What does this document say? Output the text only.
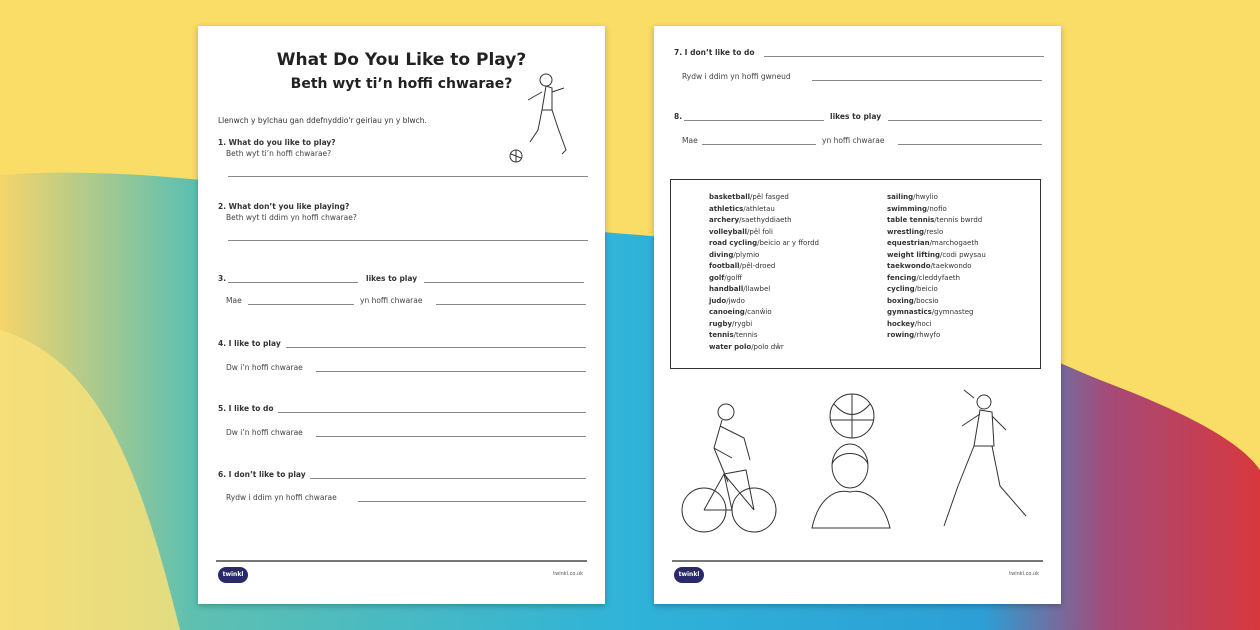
What Do You Like to Play?
Beth wyt ti’n hoffi chwarae?
Llenwch y bylchau gan ddefnyddio'r geiriau yn y blwch.
1. What do you like to play?
Beth wyt ti’n hoffi chwarae?
2. What don’t you like playing?
Beth wyt ti ddim yn hoffi chwarae?
3.	likes to play
Mae	yn hoffi chwarae
4. I like to play
Dw i’n hoffi chwarae
5. I like to do
Dw i’n hoffi chwarae
6. I don’t like to play
Rydw i ddim yn hoffi chwarae
twinkl	twinkl.co.uk
7. I don’t like to do
Rydw i ddim yn hoffi gwneud
8.	likes to play
Mae	yn hoffi chwarae
basketball/pêl fasged
athletics/athletau
archery/saethyddiaeth
volleyball/pêl foli
road cycling/beicio ar y ffordd
diving/plymio
football/pêl-droed
golf/golff
handball/llawbel
judo/jwdo
canoeing/canŵio
rugby/rygbi
tennis/tennis
water polo/polo dŵr
sailing/hwylio
swimming/nofio
table tennis/tennis bwrdd
wrestling/reslo
equestrian/marchogaeth
weight lifting/codi pwysau
taekwondo/taekwondo
fencing/cleddyfaeth
cycling/beicio
boxing/bocsio
gymnastics/gymnasteg
hockey/hoci
rowing/rhwyfo
twinkl	twinkl.co.uk
